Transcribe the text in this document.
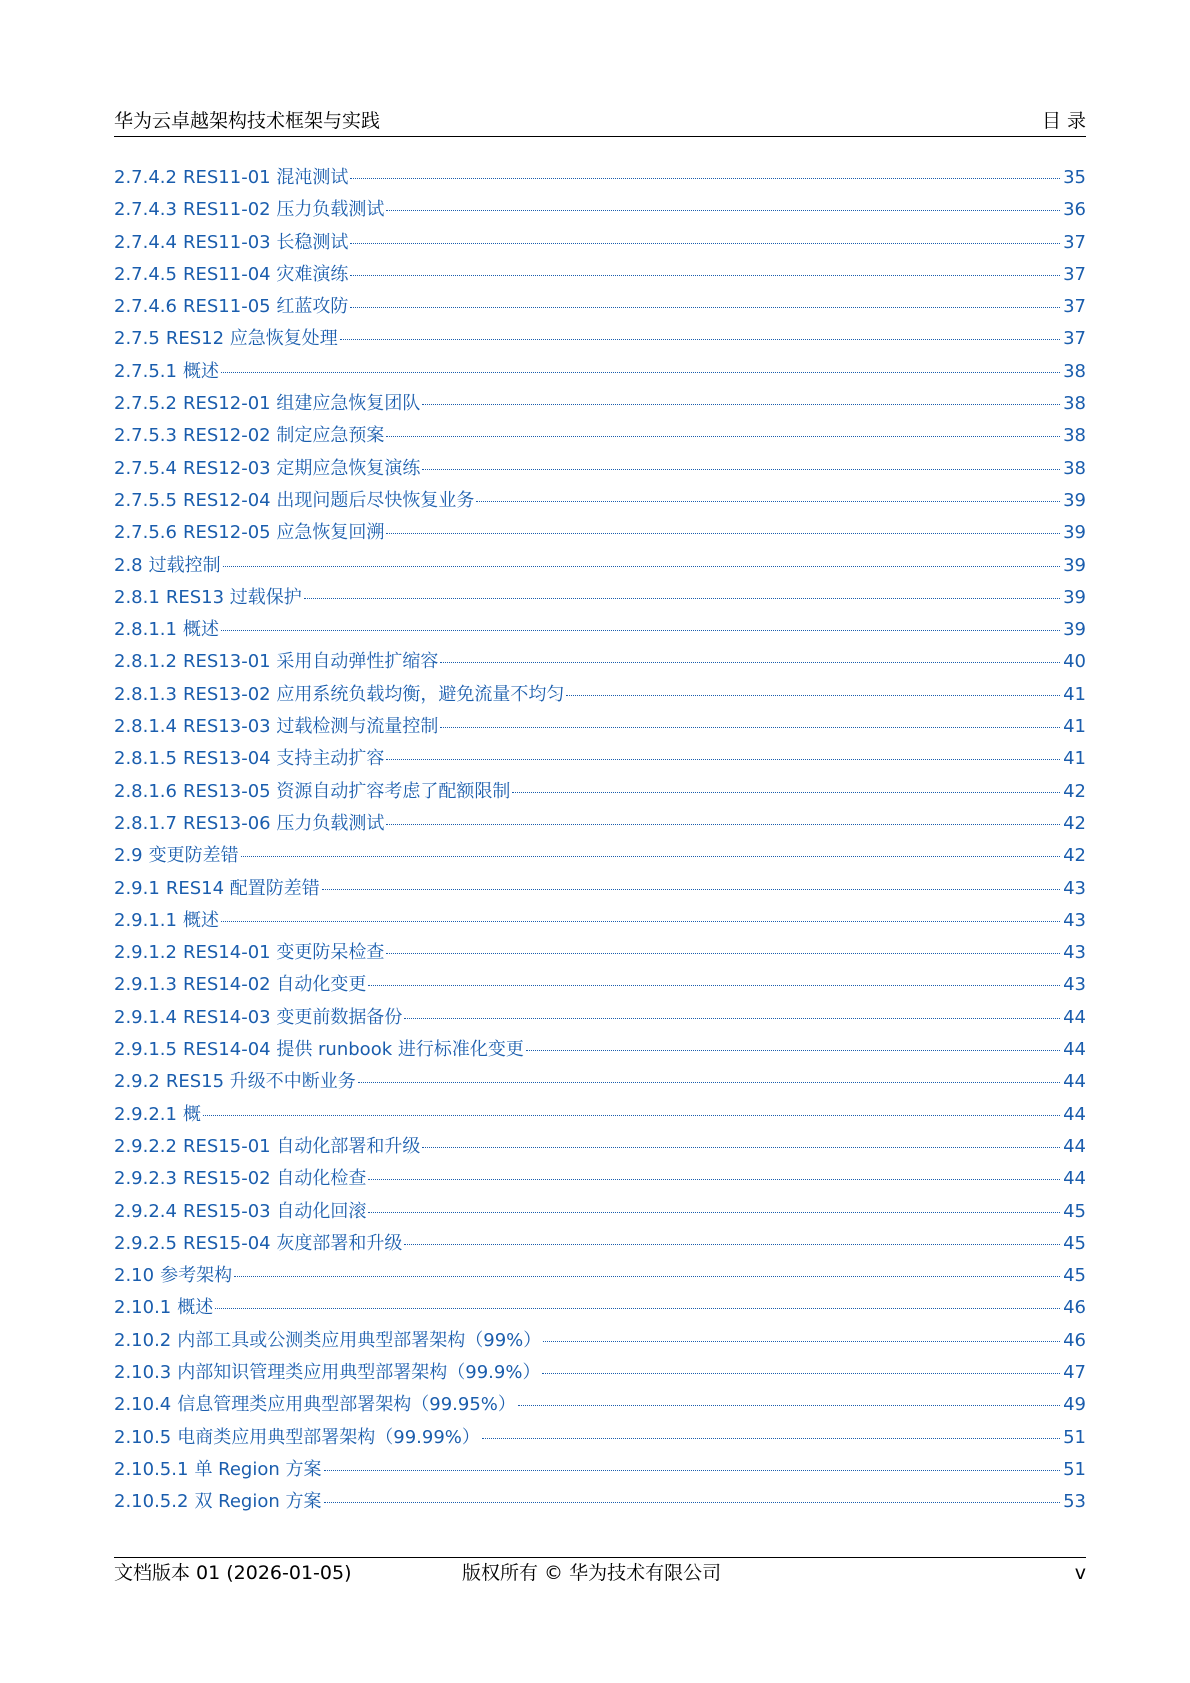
华为云卓越架构技术框架与实践	目 录
2.7.4.2 RES11-01 混沌测试	35
2.7.4.3 RES11-02 压力负载测试	36
2.7.4.4 RES11-03 长稳测试	37
2.7.4.5 RES11-04 灾难演练	37
2.7.4.6 RES11-05 红蓝攻防	37
2.7.5 RES12 应急恢复处理	37
2.7.5.1 概述	38
2.7.5.2 RES12-01 组建应急恢复团队	38
2.7.5.3 RES12-02 制定应急预案	38
2.7.5.4 RES12-03 定期应急恢复演练	38
2.7.5.5 RES12-04 出现问题后尽快恢复业务	39
2.7.5.6 RES12-05 应急恢复回溯	39
2.8 过载控制	39
2.8.1 RES13 过载保护	39
2.8.1.1 概述	39
2.8.1.2 RES13-01 采用自动弹性扩缩容	40
2.8.1.3 RES13-02 应用系统负载均衡，避免流量不均匀	41
2.8.1.4 RES13-03 过载检测与流量控制	41
2.8.1.5 RES13-04 支持主动扩容	41
2.8.1.6 RES13-05 资源自动扩容考虑了配额限制	42
2.8.1.7 RES13-06 压力负载测试	42
2.9 变更防差错	42
2.9.1 RES14 配置防差错	43
2.9.1.1 概述	43
2.9.1.2 RES14-01 变更防呆检查	43
2.9.1.3 RES14-02 自动化变更	43
2.9.1.4 RES14-03 变更前数据备份	44
2.9.1.5 RES14-04 提供 runbook 进行标准化变更	44
2.9.2 RES15 升级不中断业务	44
2.9.2.1 概	44
2.9.2.2 RES15-01 自动化部署和升级	44
2.9.2.3 RES15-02 自动化检查	44
2.9.2.4 RES15-03 自动化回滚	45
2.9.2.5 RES15-04 灰度部署和升级	45
2.10 参考架构	45
2.10.1 概述	46
2.10.2 内部工具或公测类应用典型部署架构（99%）	46
2.10.3 内部知识管理类应用典型部署架构（99.9%）	47
2.10.4 信息管理类应用典型部署架构（99.95%）	49
2.10.5 电商类应用典型部署架构（99.99%）	51
2.10.5.1 单 Region 方案	51
2.10.5.2 双 Region 方案	53
文档版本 01 (2026-01-05)	版权所有 © 华为技术有限公司	v
